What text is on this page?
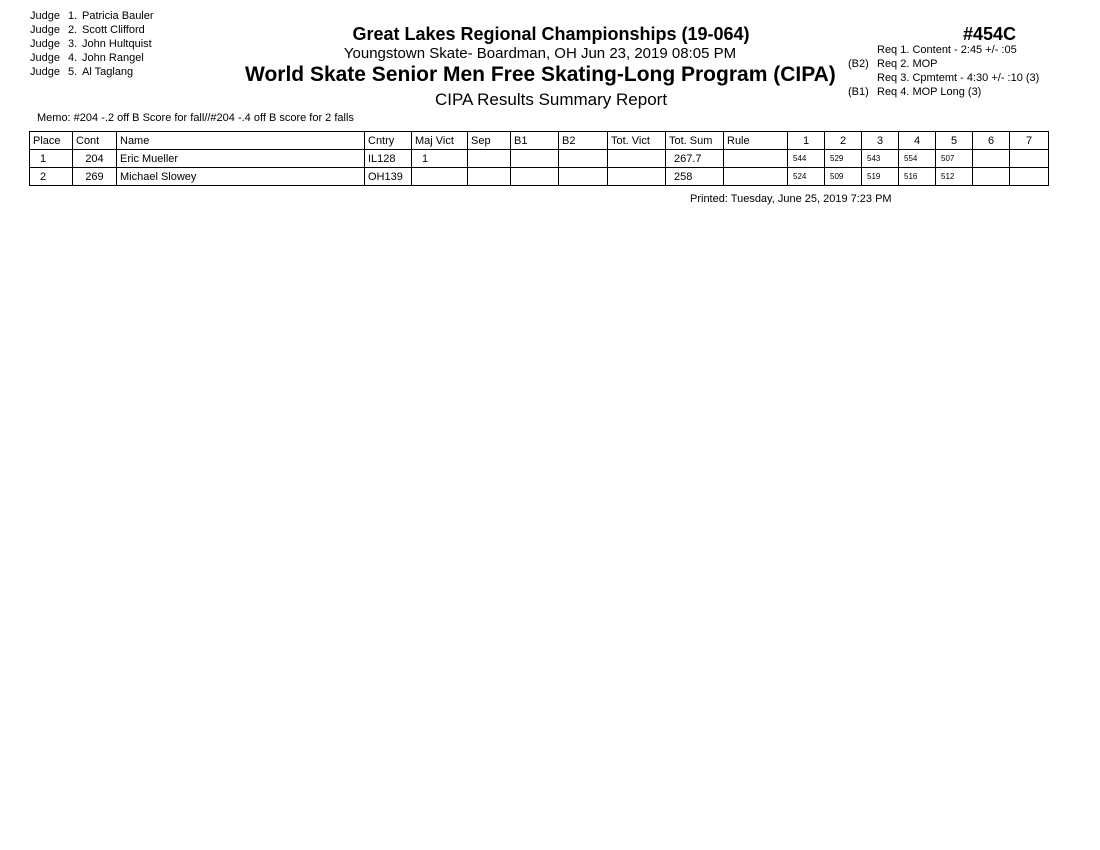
Judge 1. Patricia Bauler
Judge 2. Scott Clifford
Judge 3. John Hultquist
Judge 4. John Rangel
Judge 5. Al Taglang
Great Lakes Regional Championships (19-064)
Youngstown Skate- Boardman, OH Jun 23, 2019 08:05 PM
World Skate Senior Men Free Skating-Long Program (CIPA)
CIPA Results Summary Report
#454C
Req 1. Content - 2:45 +/- :05
(B2) Req 2. MOP
Req 3. Cpmtemt - 4:30 +/- :10 (3)
(B1) Req 4. MOP Long (3)
Memo: #204 -.2 off B Score for fall//#204 -.4 off B score for 2 falls
Place	Cont	Name	Cntry	Maj Vict	Sep	B1	B2	Tot. Vict	Tot. Sum	Rule	1	2	3	4	5	6	7
1	204	Eric Mueller	IL128	1					267.7		544	529	543	554	507		
2	269	Michael Slowey	OH139						258		524	509	519	516	512		
Printed: Tuesday, June 25, 2019 7:23 PM
